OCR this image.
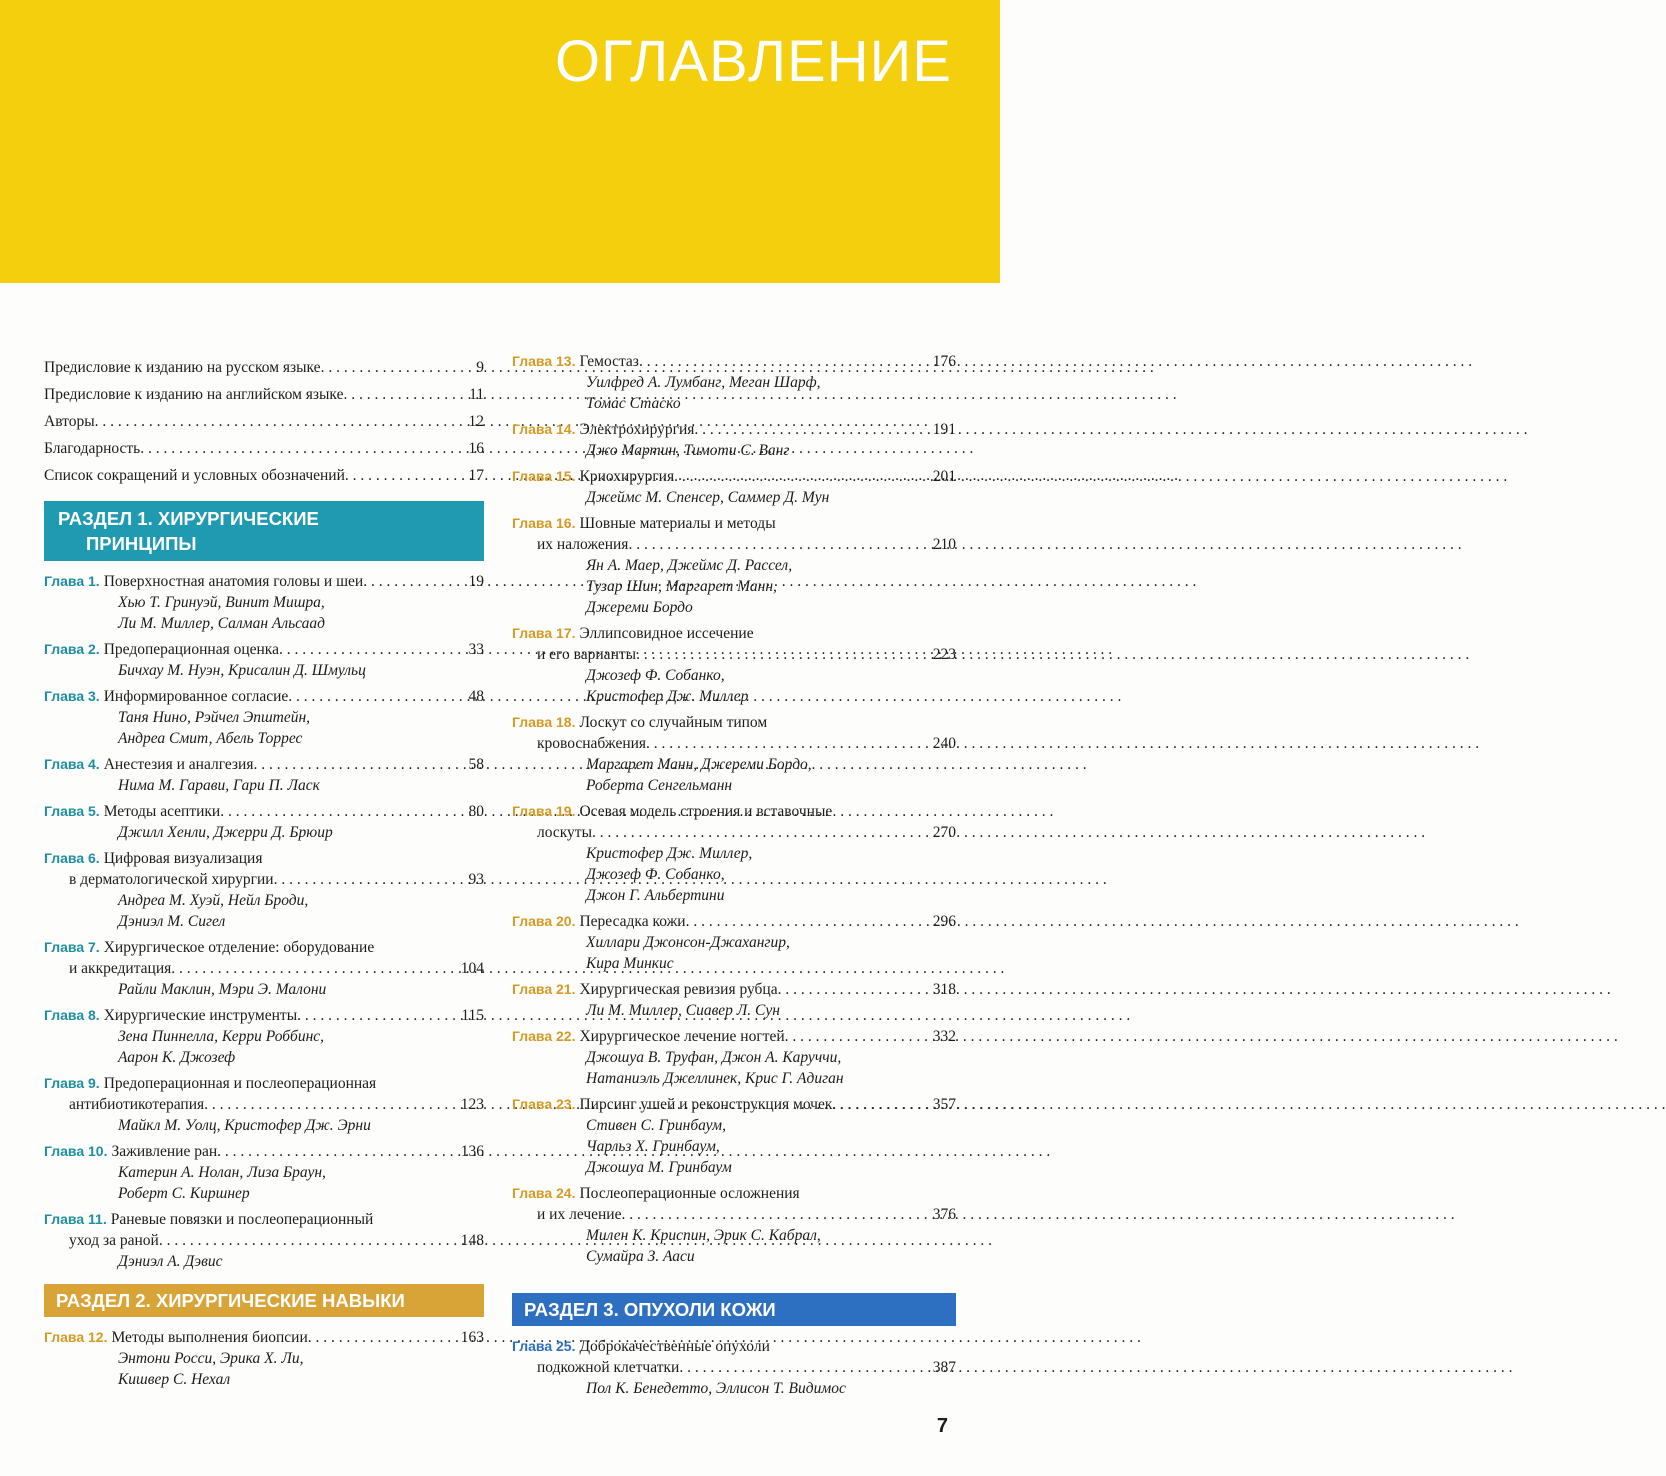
ОГЛАВЛЕНИЕ
Предисловие к изданию на русском языке . . .	9
Предисловие к изданию на английском языке . . .	11
Авторы . . .	12
Благодарность . . .	16
Список сокращений и условных обозначений . . .	17
РАЗДЕЛ 1. ХИРУРГИЧЕСКИЕ
ПРИНЦИПЫ
Глава 1. Поверхностная анатомия головы и шеи . . .	19
Хью Т. Гринуэй, Винит Мишра,
Ли М. Миллер, Салман Альсаад
Глава 2. Предоперационная оценка . . .	33
Бичхау М. Нуэн, Крисалин Д. Шмульц
Глава 3. Информированное согласие . . .	48
Таня Нино, Рэйчел Эпштейн,
Андреа Смит, Абель Торрес
Глава 4. Анестезия и аналгезия . . .	58
Нима М. Гарави, Гари П. Ласк
Глава 5. Методы асептики . . .	80
Джилл Хенли, Джерри Д. Брюир
Глава 6. Цифровая визуализация
в дерматологической хирургии . . .	93
Андреа М. Хуэй, Нейл Броди,
Дэниэл М. Сигел
Глава 7. Хирургическое отделение: оборудование
и аккредитация . . .	104
Райли Маклин, Мэри Э. Малони
Глава 8. Хирургические инструменты . . .	115
Зена Пиннелла, Керри Роббинс,
Аарон К. Джозеф
Глава 9. Предоперационная и послеоперационная
антибиотикотерапия . . .	123
Майкл М. Уолц, Кристофер Дж. Эрни
Глава 10. Заживление ран . . .	136
Катерин А. Нолан, Лиза Браун,
Роберт С. Киршнер
Глава 11. Раневые повязки и послеоперационный
уход за раной . . .	148
Дэниэл А. Дэвис
РАЗДЕЛ 2. ХИРУРГИЧЕСКИЕ НАВЫКИ
Глава 12. Методы выполнения биопсии . . .	163
Энтони Росси, Эрика Х. Ли,
Кишвер С. Нехал
Глава 13. Гемостаз . . .	176
Уилфред А. Лумбанг, Меган Шарф,
Томас Стаско
Глава 14. Электрохирургия . . .	191
Джо Мартин, Тимоти С. Ванг
Глава 15. Криохирургия . . .	201
Джеймс М. Спенсер, Саммер Д. Мун
Глава 16. Шовные материалы и методы
их наложения . . .	210
Ян А. Маер, Джеймс Д. Рассел,
Тузар Шин, Маргарет Манн,
Джереми Бордо
Глава 17. Эллипсовидное иссечение
и его варианты . . .	223
Джозеф Ф. Собанко,
Кристофер Дж. Миллер
Глава 18. Лоскут со случайным типом
кровоснабжения . . .	240
Маргарет Манн, Джереми Бордо,
Роберта Сенгельманн
Глава 19. Осевая модель строения и вставочные
лоскуты . . .	270
Кристофер Дж. Миллер,
Джозеф Ф. Собанко,
Джон Г. Альбертини
Глава 20. Пересадка кожи . . .	296
Хиллари Джонсон-Джахангир,
Кира Минкис
Глава 21. Хирургическая ревизия рубца . . .	318
Ли М. Миллер, Сиавер Л. Сун
Глава 22. Хирургическое лечение ногтей . . .	332
Джошуа В. Труфан, Джон А. Каруччи,
Натаниэль Джеллинек, Крис Г. Адиган
Глава 23. Пирсинг ушей и реконструкция мочек . . .	357
Стивен С. Гринбаум,
Чарльз Х. Гринбаум,
Джошуа М. Гринбаум
Глава 24. Послеоперационные осложнения
и их лечение . . .	376
Милен К. Криспин, Эрик С. Кабрал,
Сумайра З. Ааси
РАЗДЕЛ 3. ОПУХОЛИ КОЖИ
Глава 25. Доброкачественные опухоли
подкожной клетчатки . . .	387
Пол К. Бенедетто, Эллисон Т. Видимос
7
